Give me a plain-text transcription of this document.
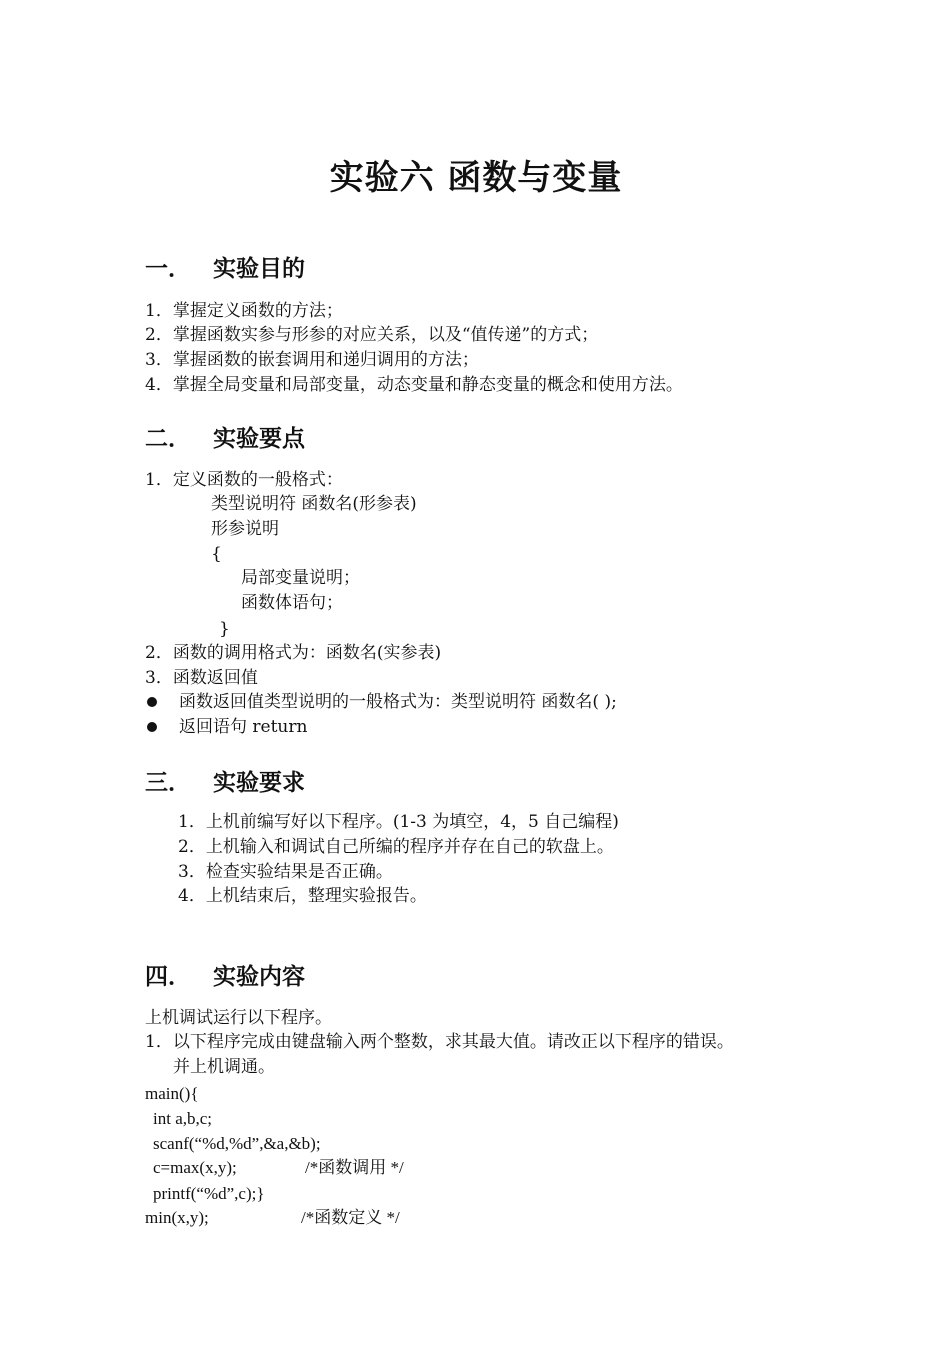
实验六 函数与变量
一． 实验目的
1．掌握定义函数的方法；
2．掌握函数实参与形参的对应关系，以及“值传递”的方式；
3．掌握函数的嵌套调用和递归调用的方法；
4．掌握全局变量和局部变量，动态变量和静态变量的概念和使用方法。
二． 实验要点
1．定义函数的一般格式：
类型说明符 函数名(形参表)
形参说明
{
局部变量说明；
函数体语句；
}
2．函数的调用格式为：函数名(实参表)
3．函数返回值
函数返回值类型说明的一般格式为：类型说明符 函数名( );
返回语句 return
三． 实验要求
1．上机前编写好以下程序。(1-3 为填空，4，5 自己编程)
2．上机输入和调试自己所编的程序并存在自己的软盘上。
3．检查实验结果是否正确。
4．上机结束后，整理实验报告。
四． 实验内容
上机调试运行以下程序。
1．以下程序完成由键盘输入两个整数，求其最大值。请改正以下程序的错误。
并上机调通。
main(){
int a,b,c;
scanf(“%d,%d”,&a,&b);
c=max(x,y);	/*函数调用 */
printf(“%d”,c);}
min(x,y);	/*函数定义 */
